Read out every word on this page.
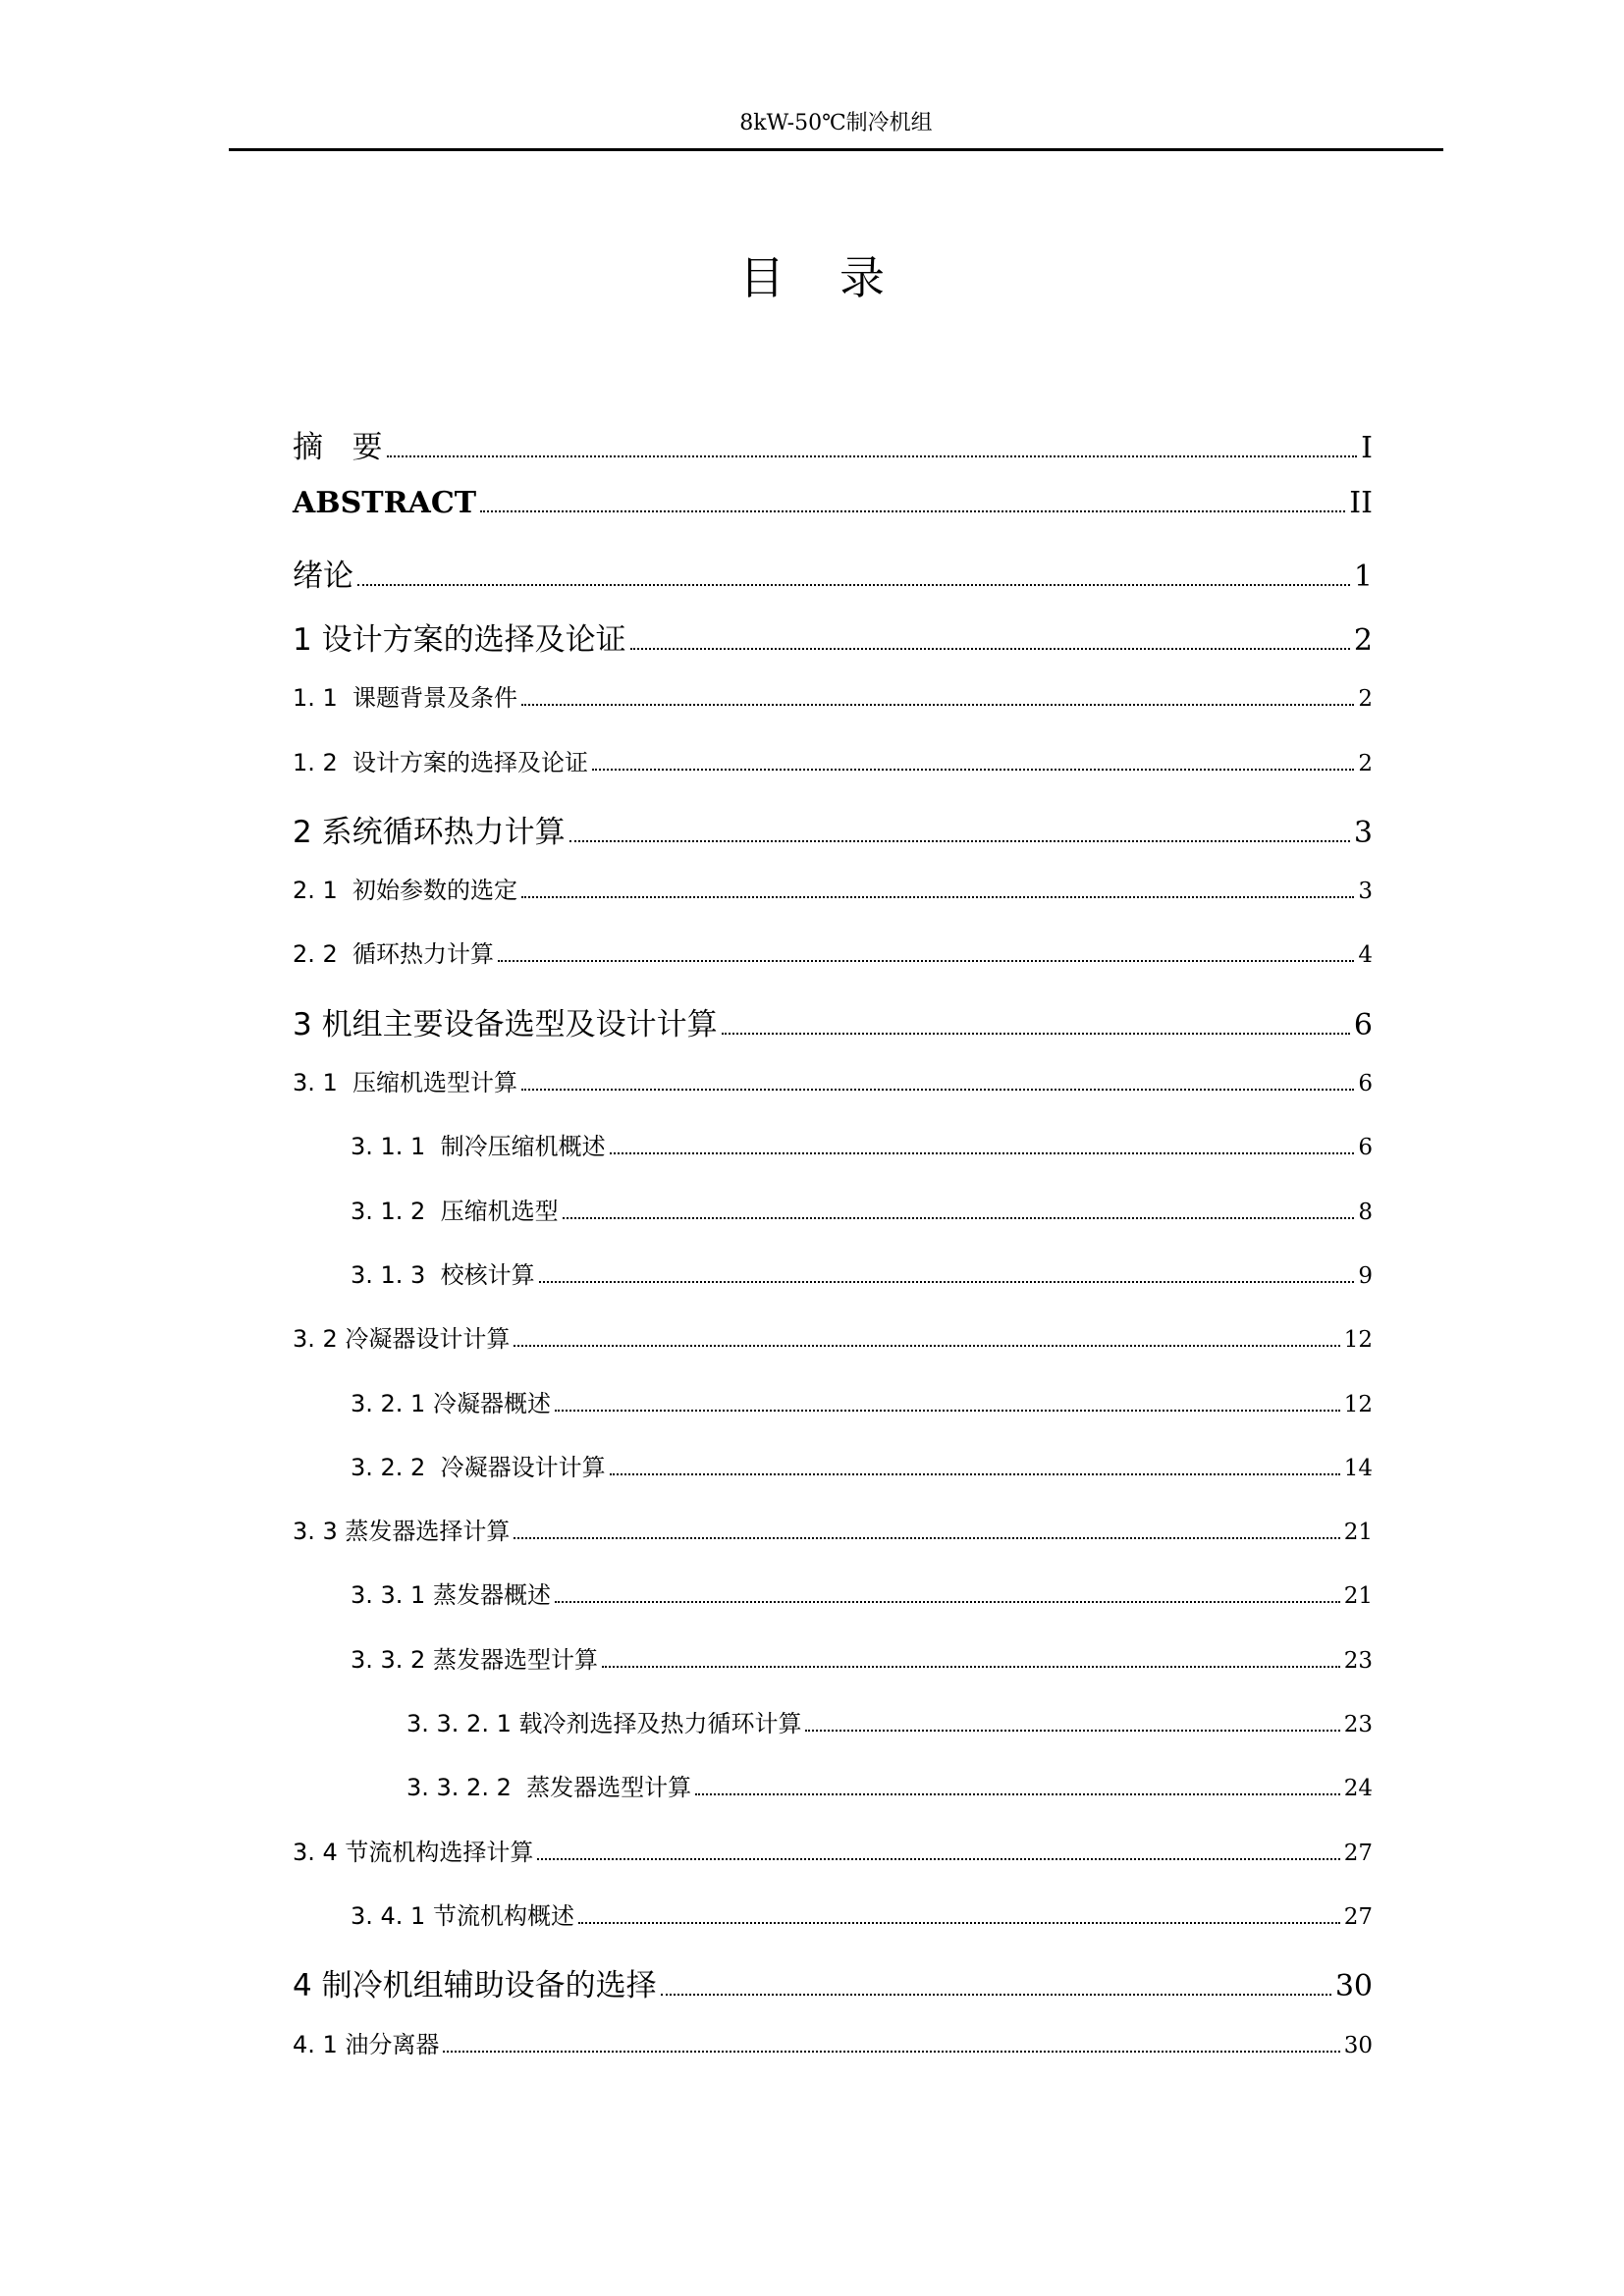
8kW-50℃制冷机组
目 录
摘   要	I
ABSTRACT	II
绪论	1
1 设计方案的选择及论证	2
1. 1  课题背景及条件	2
1. 2  设计方案的选择及论证	2
2 系统循环热力计算	3
2. 1  初始参数的选定	3
2. 2  循环热力计算	4
3 机组主要设备选型及设计计算	6
3. 1  压缩机选型计算	6
3. 1. 1  制冷压缩机概述	6
3. 1. 2  压缩机选型	8
3. 1. 3  校核计算	9
3. 2 冷凝器设计计算	12
3. 2. 1 冷凝器概述	12
3. 2. 2  冷凝器设计计算	14
3. 3 蒸发器选择计算	21
3. 3. 1 蒸发器概述	21
3. 3. 2 蒸发器选型计算	23
3. 3. 2. 1 载冷剂选择及热力循环计算	23
3. 3. 2. 2  蒸发器选型计算	24
3. 4 节流机构选择计算	27
3. 4. 1 节流机构概述	27
4 制冷机组辅助设备的选择	30
4. 1 油分离器	30
